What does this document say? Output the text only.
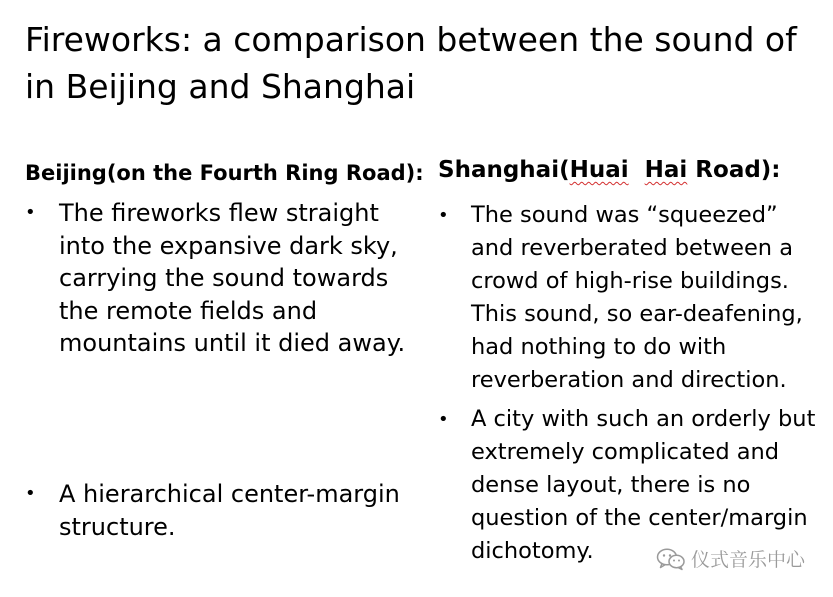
Fireworks: a comparison between the sound of in Beijing and Shanghai

Beijing(on the Fourth Ring Road):

• The fireworks flew straight into the expansive dark sky, carrying the sound towards the remote fields and mountains until it died away.
• A hierarchical center-margin structure.

Shanghai(Huai Hai Road):

• The sound was “squeezed” and reverberated between a crowd of high-rise buildings. This sound, so ear-deafening, had nothing to do with reverberation and direction.
• A city with such an orderly but extremely complicated and dense layout, there is no question of the center/margin dichotomy.	仪式音乐中心
